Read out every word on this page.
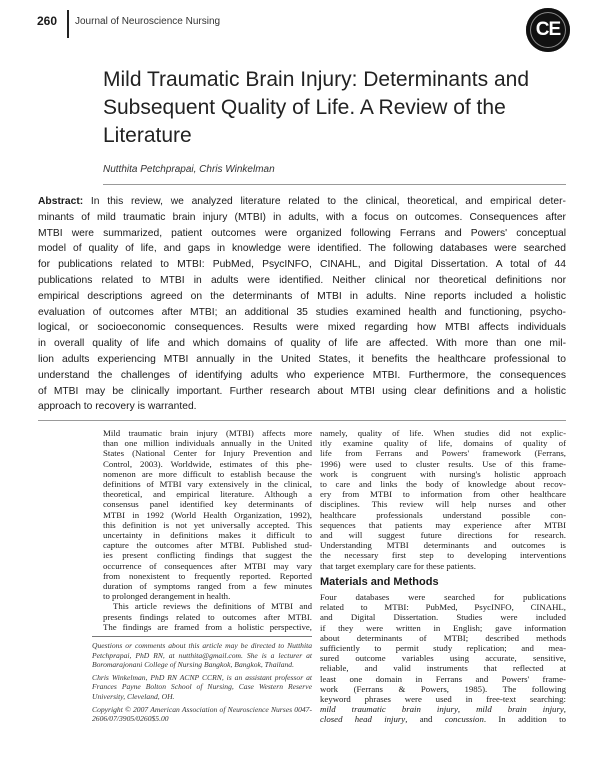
260 Journal of Neuroscience Nursing	CE
Mild Traumatic Brain Injury: Determinants and Subsequent Quality of Life. A Review of the Literature
Nutthita Petchprapai, Chris Winkelman
Abstract: In this review, we analyzed literature related to the clinical, theoretical, and empirical deter-
minants of mild traumatic brain injury (MTBI) in adults, with a focus on outcomes. Consequences after
MTBI were summarized, patient outcomes were organized following Ferrans and Powers' conceptual
model of quality of life, and gaps in knowledge were identified. The following databases were searched
for publications related to MTBI: PubMed, PsycINFO, CINAHL, and Digital Dissertation. A total of 44
publications related to MTBI in adults were identified. Neither clinical nor theoretical definitions nor
empirical descriptions agreed on the determinants of MTBI in adults. Nine reports included a holistic
evaluation of outcomes after MTBI; an additional 35 studies examined health and functioning, psycho-
logical, or socioeconomic consequences. Results were mixed regarding how MTBI affects individuals
in overall quality of life and which domains of quality of life are affected. With more than one mil-
lion adults experiencing MTBI annually in the United States, it benefits the healthcare professional to
understand the challenges of identifying adults who experience MTBI. Furthermore, the consequences
of MTBI may be clinically important. Further research about MTBI using clear definitions and a holistic
approach to recovery is warranted.
Mild traumatic brain injury (MTBI) affects more
than one million individuals annually in the United
States (National Center for Injury Prevention and
Control, 2003). Worldwide, estimates of this phe-
nomenon are more difficult to establish because the
definitions of MTBI vary extensively in the clinical,
theoretical, and empirical literature. Although a
consensus panel identified key determinants of
MTBI in 1992 (World Health Organization, 1992),
this definition is not yet universally accepted. This
uncertainty in definitions makes it difficult to
capture the outcomes after MTBI. Published stud-
ies present conflicting findings that suggest the
occurrence of consequences after MTBI may vary
from nonexistent to frequently reported. Reported
duration of symptoms ranged from a few minutes
to prolonged derangement in health.
This article reviews the definitions of MTBI and
presents findings related to outcomes after MTBI.
The findings are framed from a holistic perspective,
namely, quality of life. When studies did not explic-
itly examine quality of life, domains of quality of
life from Ferrans and Powers' framework (Ferrans,
1996) were used to cluster results. Use of this frame-
work is congruent with nursing's holistic approach
to care and links the body of knowledge about recov-
ery from MTBI to information from other healthcare
disciplines. This review will help nurses and other
healthcare professionals understand possible con-
sequences that patients may experience after MTBI
and will suggest future directions for research.
Understanding MTBI determinants and outcomes is
the necessary first step to developing interventions
that target exemplary care for these patients.
Materials and Methods
Four databases were searched for publications
related to MTBI: PubMed, PsycINFO, CINAHL,
and Digital Dissertation. Studies were included
if they were written in English; gave information
about determinants of MTBI; described methods
sufficiently to permit study replication; and mea-
sured outcome variables using accurate, sensitive,
reliable, and valid instruments that reflected at
least one domain in Ferrans and Powers' frame-
work (Ferrans & Powers, 1985). The following
keyword phrases were used in free-text searching:
mild traumatic brain injury, mild brain injury,
closed head injury, and concussion. In addition to
Questions or comments about this article may be directed to Nutthita Petchprapai, PhD RN, at nutthita@gmail.com. She is a lecturer at Boromarajonani College of Nursing Bangkok, Bangkok, Thailand.
Chris Winkelman, PhD RN ACNP CCRN, is an assistant professor at Frances Payne Bolton School of Nursing, Case Western Reserve University, Cleveland, OH.
Copyright © 2007 American Association of Neuroscience Nurses 0047-2606/07/3905/0260$5.00
